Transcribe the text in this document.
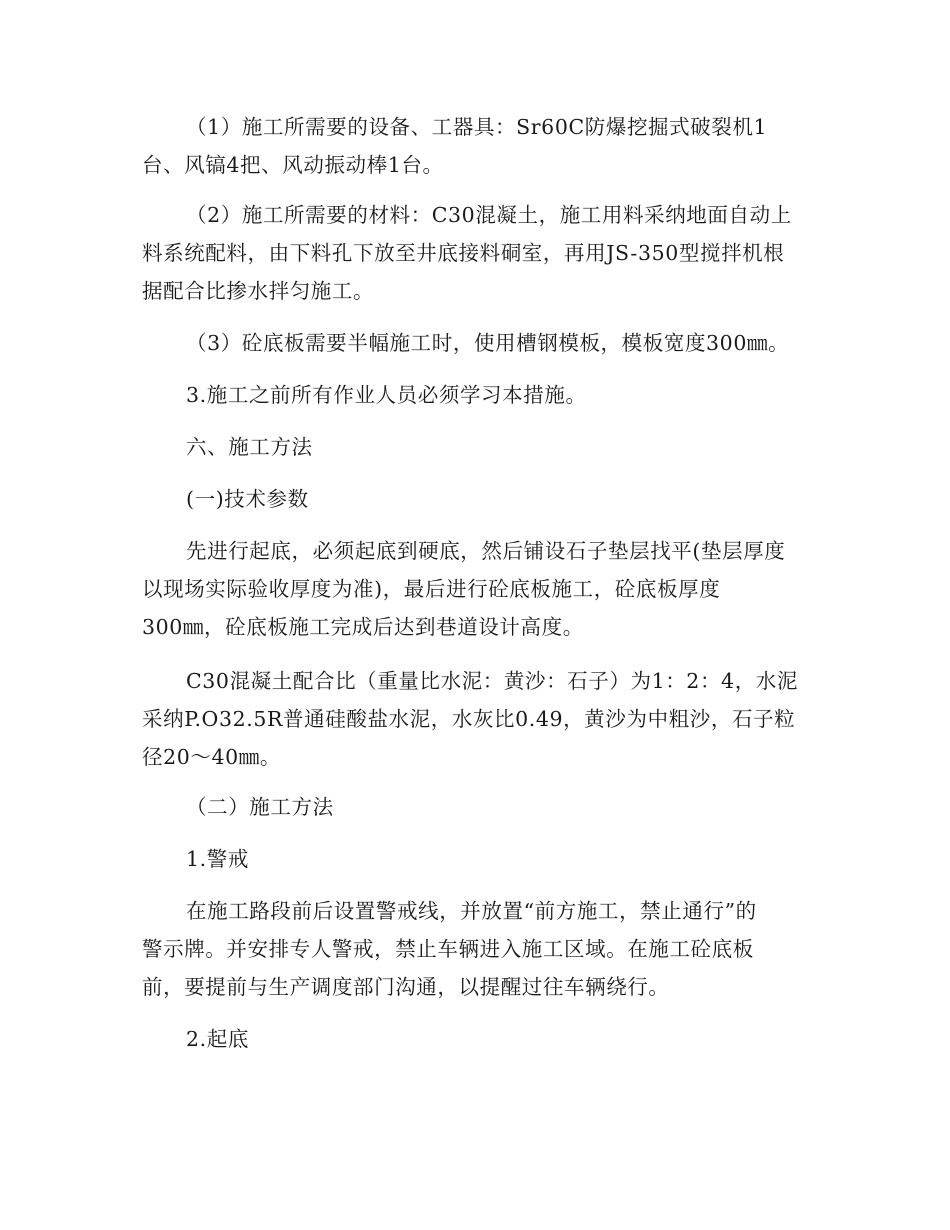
（1）施工所需要的设备、工器具：Sr60C防爆挖掘式破裂机1
台、风镐4把、风动振动棒1台。

（2）施工所需要的材料：C30混凝土，施工用料采纳地面自动上
料系统配料，由下料孔下放至井底接料硐室，再用JS-350型搅拌机根
据配合比掺水拌匀施工。

（3）砼底板需要半幅施工时，使用槽钢模板，模板宽度300㎜。

3.施工之前所有作业人员必须学习本措施。

六、施工方法

(一)技术参数

先进行起底，必须起底到硬底，然后铺设石子垫层找平(垫层厚度
以现场实际验收厚度为准)，最后进行砼底板施工，砼底板厚度
300㎜，砼底板施工完成后达到巷道设计高度。

C30混凝土配合比（重量比水泥：黄沙：石子）为1：2：4，水泥
采纳P.O32.5R普通硅酸盐水泥，水灰比0.49，黄沙为中粗沙，石子粒
径20～40㎜。

（二）施工方法

1.警戒

在施工路段前后设置警戒线，并放置“前方施工，禁止通行”的
警示牌。并安排专人警戒，禁止车辆进入施工区域。在施工砼底板
前，要提前与生产调度部门沟通，以提醒过往车辆绕行。

2.起底
